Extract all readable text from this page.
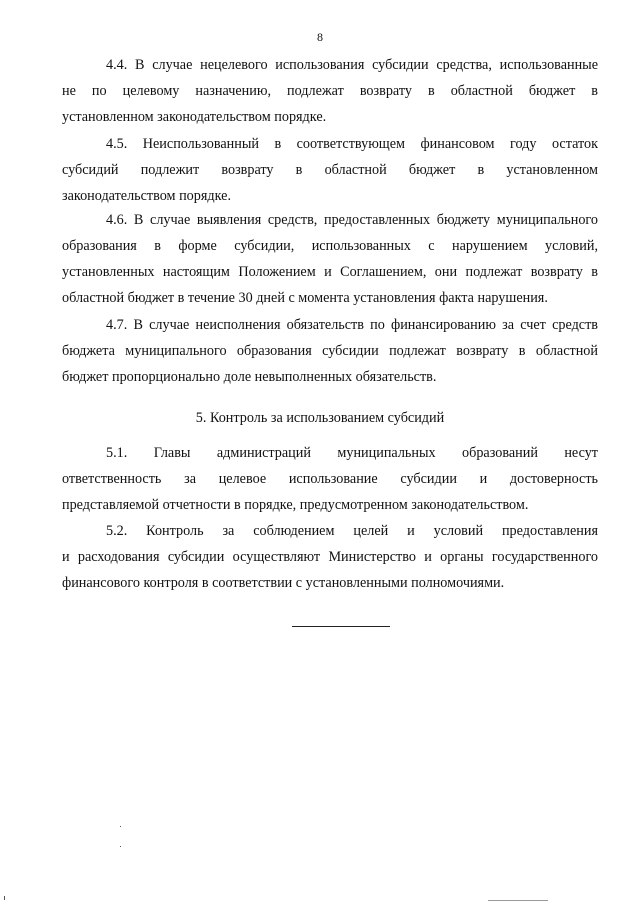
8
4.4. В случае нецелевого использования субсидии средства, использованные
не по целевому назначению, подлежат возврату в областной бюджет в
установленном законодательством порядке.
4.5. Неиспользованный в соответствующем финансовом году остаток
субсидий подлежит возврату в областной бюджет в установленном
законодательством порядке.
4.6. В случае выявления средств, предоставленных бюджету муниципального
образования в форме субсидии, использованных с нарушением условий,
установленных настоящим Положением и Соглашением, они подлежат возврату в
областной бюджет в течение 30 дней с момента установления факта нарушения.
4.7. В случае неисполнения обязательств по финансированию за счет средств
бюджета муниципального образования субсидии подлежат возврату в областной
бюджет пропорционально доле невыполненных обязательств.
5. Контроль за использованием субсидий
5.1. Главы администраций муниципальных образований несут
ответственность за целевое использование субсидии и достоверность
представляемой отчетности в порядке, предусмотренном законодательством.
5.2. Контроль за соблюдением целей и условий предоставления
и расходования субсидии осуществляют Министерство и органы государственного
финансового контроля в соответствии с установленными полномочиями.
